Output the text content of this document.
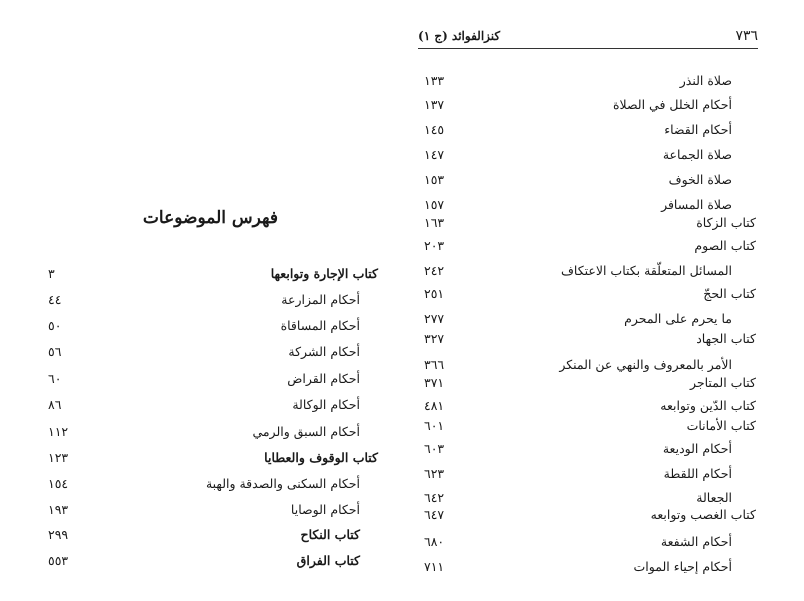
٧٣٦
كنزالفوائد (ج ١)
صلاة النذر
١٣٣
أحكام الخلل في الصلاة
١٣٧
أحكام القضاء
١٤٥
صلاة الجماعة
١٤٧
صلاة الخوف
١٥٣
صلاة المسافر
١٥٧
كتاب الزكاة
١٦٣
كتاب الصوم
٢٠٣
المسائل المتعلّقة بكتاب الاعتكاف
٢٤٢
كتاب الحجّ
٢٥١
ما يحرم على المحرم
٢٧٧
كتاب الجهاد
٣٢٧
الأمر بالمعروف والنهي عن المنكر
٣٦٦
كتاب المتاجر
٣٧١
كتاب الدّين وتوابعه
٤٨١
كتاب الأمانات
٦٠١
أحكام الوديعة
٦٠٣
أحكام اللقطة
٦٢٣
الجعالة
٦٤٢
كتاب الغصب وتوابعه
٦٤٧
أحكام الشفعة
٦٨٠
أحكام إحياء الموات
٧١١
فهرس الموضوعات
كتاب الإجارة وتوابعها
٣
أحكام المزارعة
٤٤
أحكام المساقاة
٥٠
أحكام الشركة
٥٦
أحكام القراض
٦٠
أحكام الوكالة
٨٦
أحكام السبق والرمي
١١٢
كتاب الوقوف والعطايا
١٢٣
أحكام السكنى والصدقة والهبة
١٥٤
أحكام الوصايا
١٩٣
كتاب النكاح
٢٩٩
كتاب الفراق
٥٥٣
